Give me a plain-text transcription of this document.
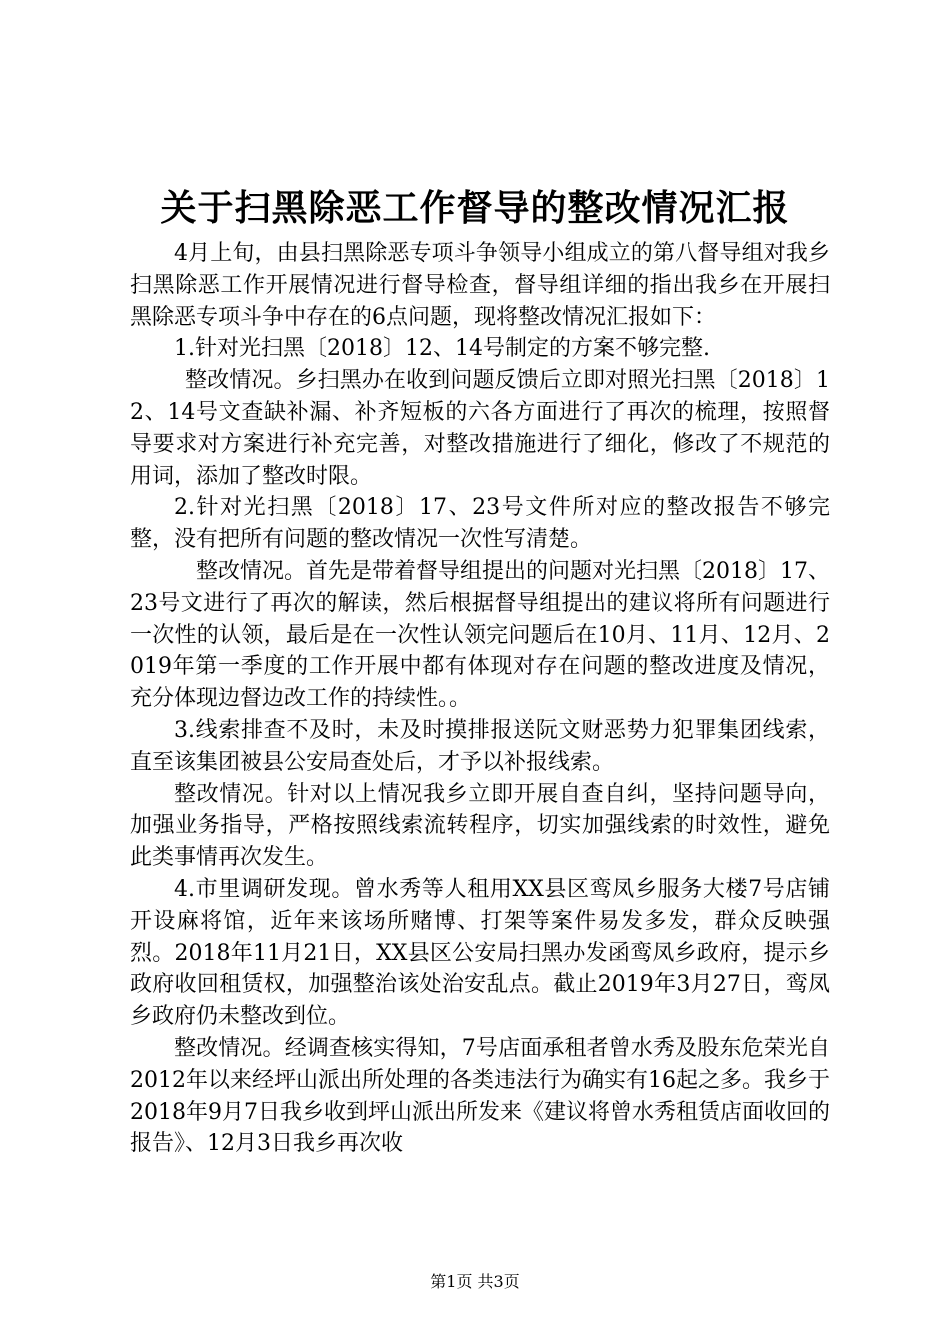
关于扫黑除恶工作督导的整改情况汇报

4月上旬，由县扫黑除恶专项斗争领导小组成立的第八督导组对我乡扫黑除恶工作开展情况进行督导检查，督导组详细的指出我乡在开展扫黑除恶专项斗争中存在的6点问题，现将整改情况汇报如下：

1.针对光扫黑〔2018〕12、14号制定的方案不够完整.

整改情况。乡扫黑办在收到问题反馈后立即对照光扫黑〔2018〕12、14号文查缺补漏、补齐短板的六各方面进行了再次的梳理，按照督导要求对方案进行补充完善，对整改措施进行了细化，修改了不规范的用词，添加了整改时限。

2.针对光扫黑〔2018〕17、23号文件所对应的整改报告不够完整，没有把所有问题的整改情况一次性写清楚。

整改情况。首先是带着督导组提出的问题对光扫黑〔2018〕17、23号文进行了再次的解读，然后根据督导组提出的建议将所有问题进行一次性的认领，最后是在一次性认领完问题后在10月、11月、12月、2019年第一季度的工作开展中都有体现对存在问题的整改进度及情况，充分体现边督边改工作的持续性。。

3.线索排查不及时，未及时摸排报送阮文财恶势力犯罪集团线索，直至该集团被县公安局查处后，才予以补报线索。

整改情况。针对以上情况我乡立即开展自查自纠，坚持问题导向，加强业务指导，严格按照线索流转程序，切实加强线索的时效性，避免此类事情再次发生。

4.市里调研发现。曾水秀等人租用XX县区鸾凤乡服务大楼7号店铺开设麻将馆，近年来该场所赌博、打架等案件易发多发，群众反映强烈。2018年11月21日，XX县区公安局扫黑办发函鸾凤乡政府，提示乡政府收回租赁权，加强整治该处治安乱点。截止2019年3月27日，鸾凤乡政府仍未整改到位。

整改情况。经调查核实得知，7号店面承租者曾水秀及股东危荣光自2012年以来经坪山派出所处理的各类违法行为确实有16起之多。我乡于2018年9月7日我乡收到坪山派出所发来《建议将曾水秀租赁店面收回的报告》、12月3日我乡再次收

第1页 共3页
